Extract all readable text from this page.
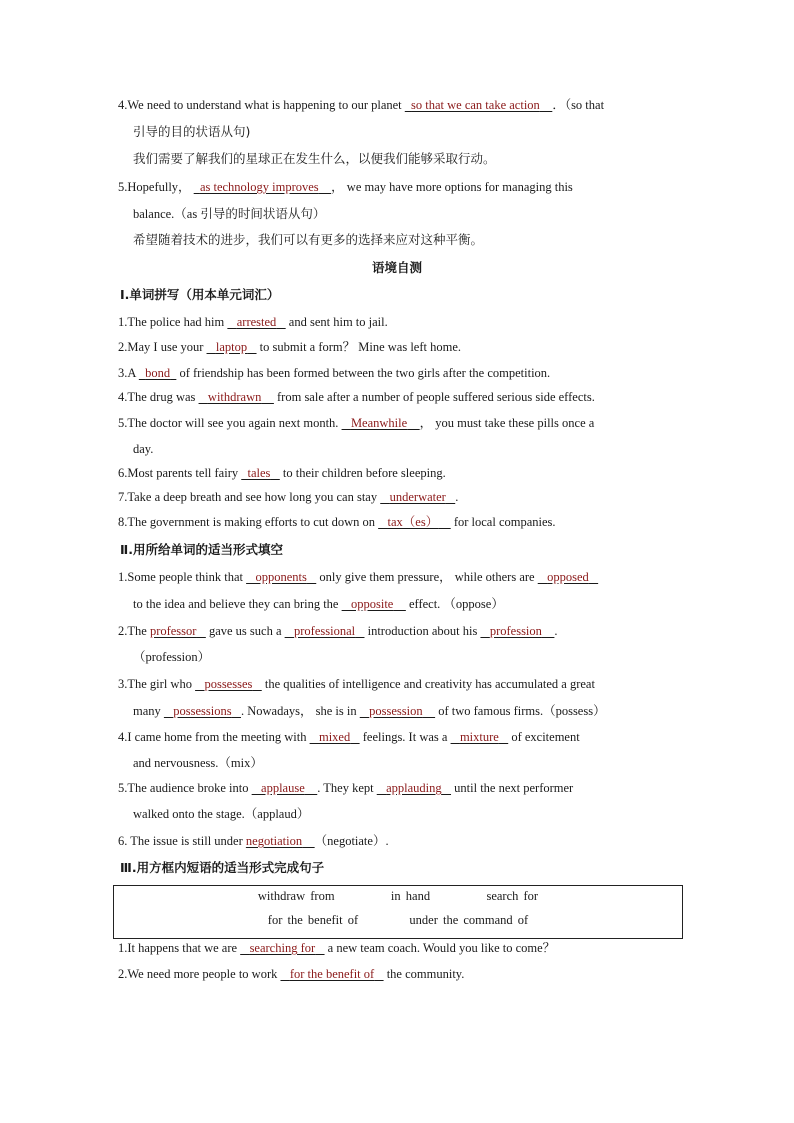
4.We need to understand what is happening to our planet   so that we can take action ．（so that
引导的目的状语从句)
我们需要了解我们的星球正在发生什么，以便我们能够采取行动。
5.Hopefully，   as technology improves ， we may have more options for managing this
balance.（as 引导的时间状语从句）
希望随着技术的进步，我们可以有更多的选择来应对这种平衡。
语境自测
Ⅰ.单词拼写（用本单元词汇）
1.The police had him    arrested    and sent him to jail.
2.May I use your    laptop    to submit a form？ Mine was left home.
3.A   bond   of friendship has been formed between the two girls after the competition.
4.The drug was    withdrawn     from sale after a number of people suffered serious side effects.
5.The doctor will see you again next month.    Meanwhile ， you must take these pills once a
day.
6.Most parents tell fairy   tales    to their children before sleeping.
7.Take a deep breath and see how long you can stay    underwater .
8.The government is making efforts to cut down on    tax（es）     for local companies.
Ⅱ.用所给单词的适当形式填空
1.Some people think that    opponents    only give them pressure， while others are    opposed
to the idea and believe they can bring the    opposite     effect. （oppose）
2.The professor    gave us such a    professional    introduction about his    profession .
（profession）
3.The girl who    possesses    the qualities of intelligence and creativity has accumulated a great
many    possessions . Nowadays， she is in    possession     of two famous firms.（possess）
4.I came home from the meeting with    mixed    feelings. It was a    mixture    of excitement
and nervousness.（mix）
5.The audience broke into    applause . They kept    applauding    until the next performer
walked onto the stage.（applaud）
6. The issue is still under negotiation （negotiate）.
Ⅲ.用方框内短语的适当形式完成句子
withdraw from	in hand	search for
for the benefit of	under the command of
1.It happens that we are    searching for    a new team coach. Would you like to come？
2.We need more people to work    for the benefit of    the community.
